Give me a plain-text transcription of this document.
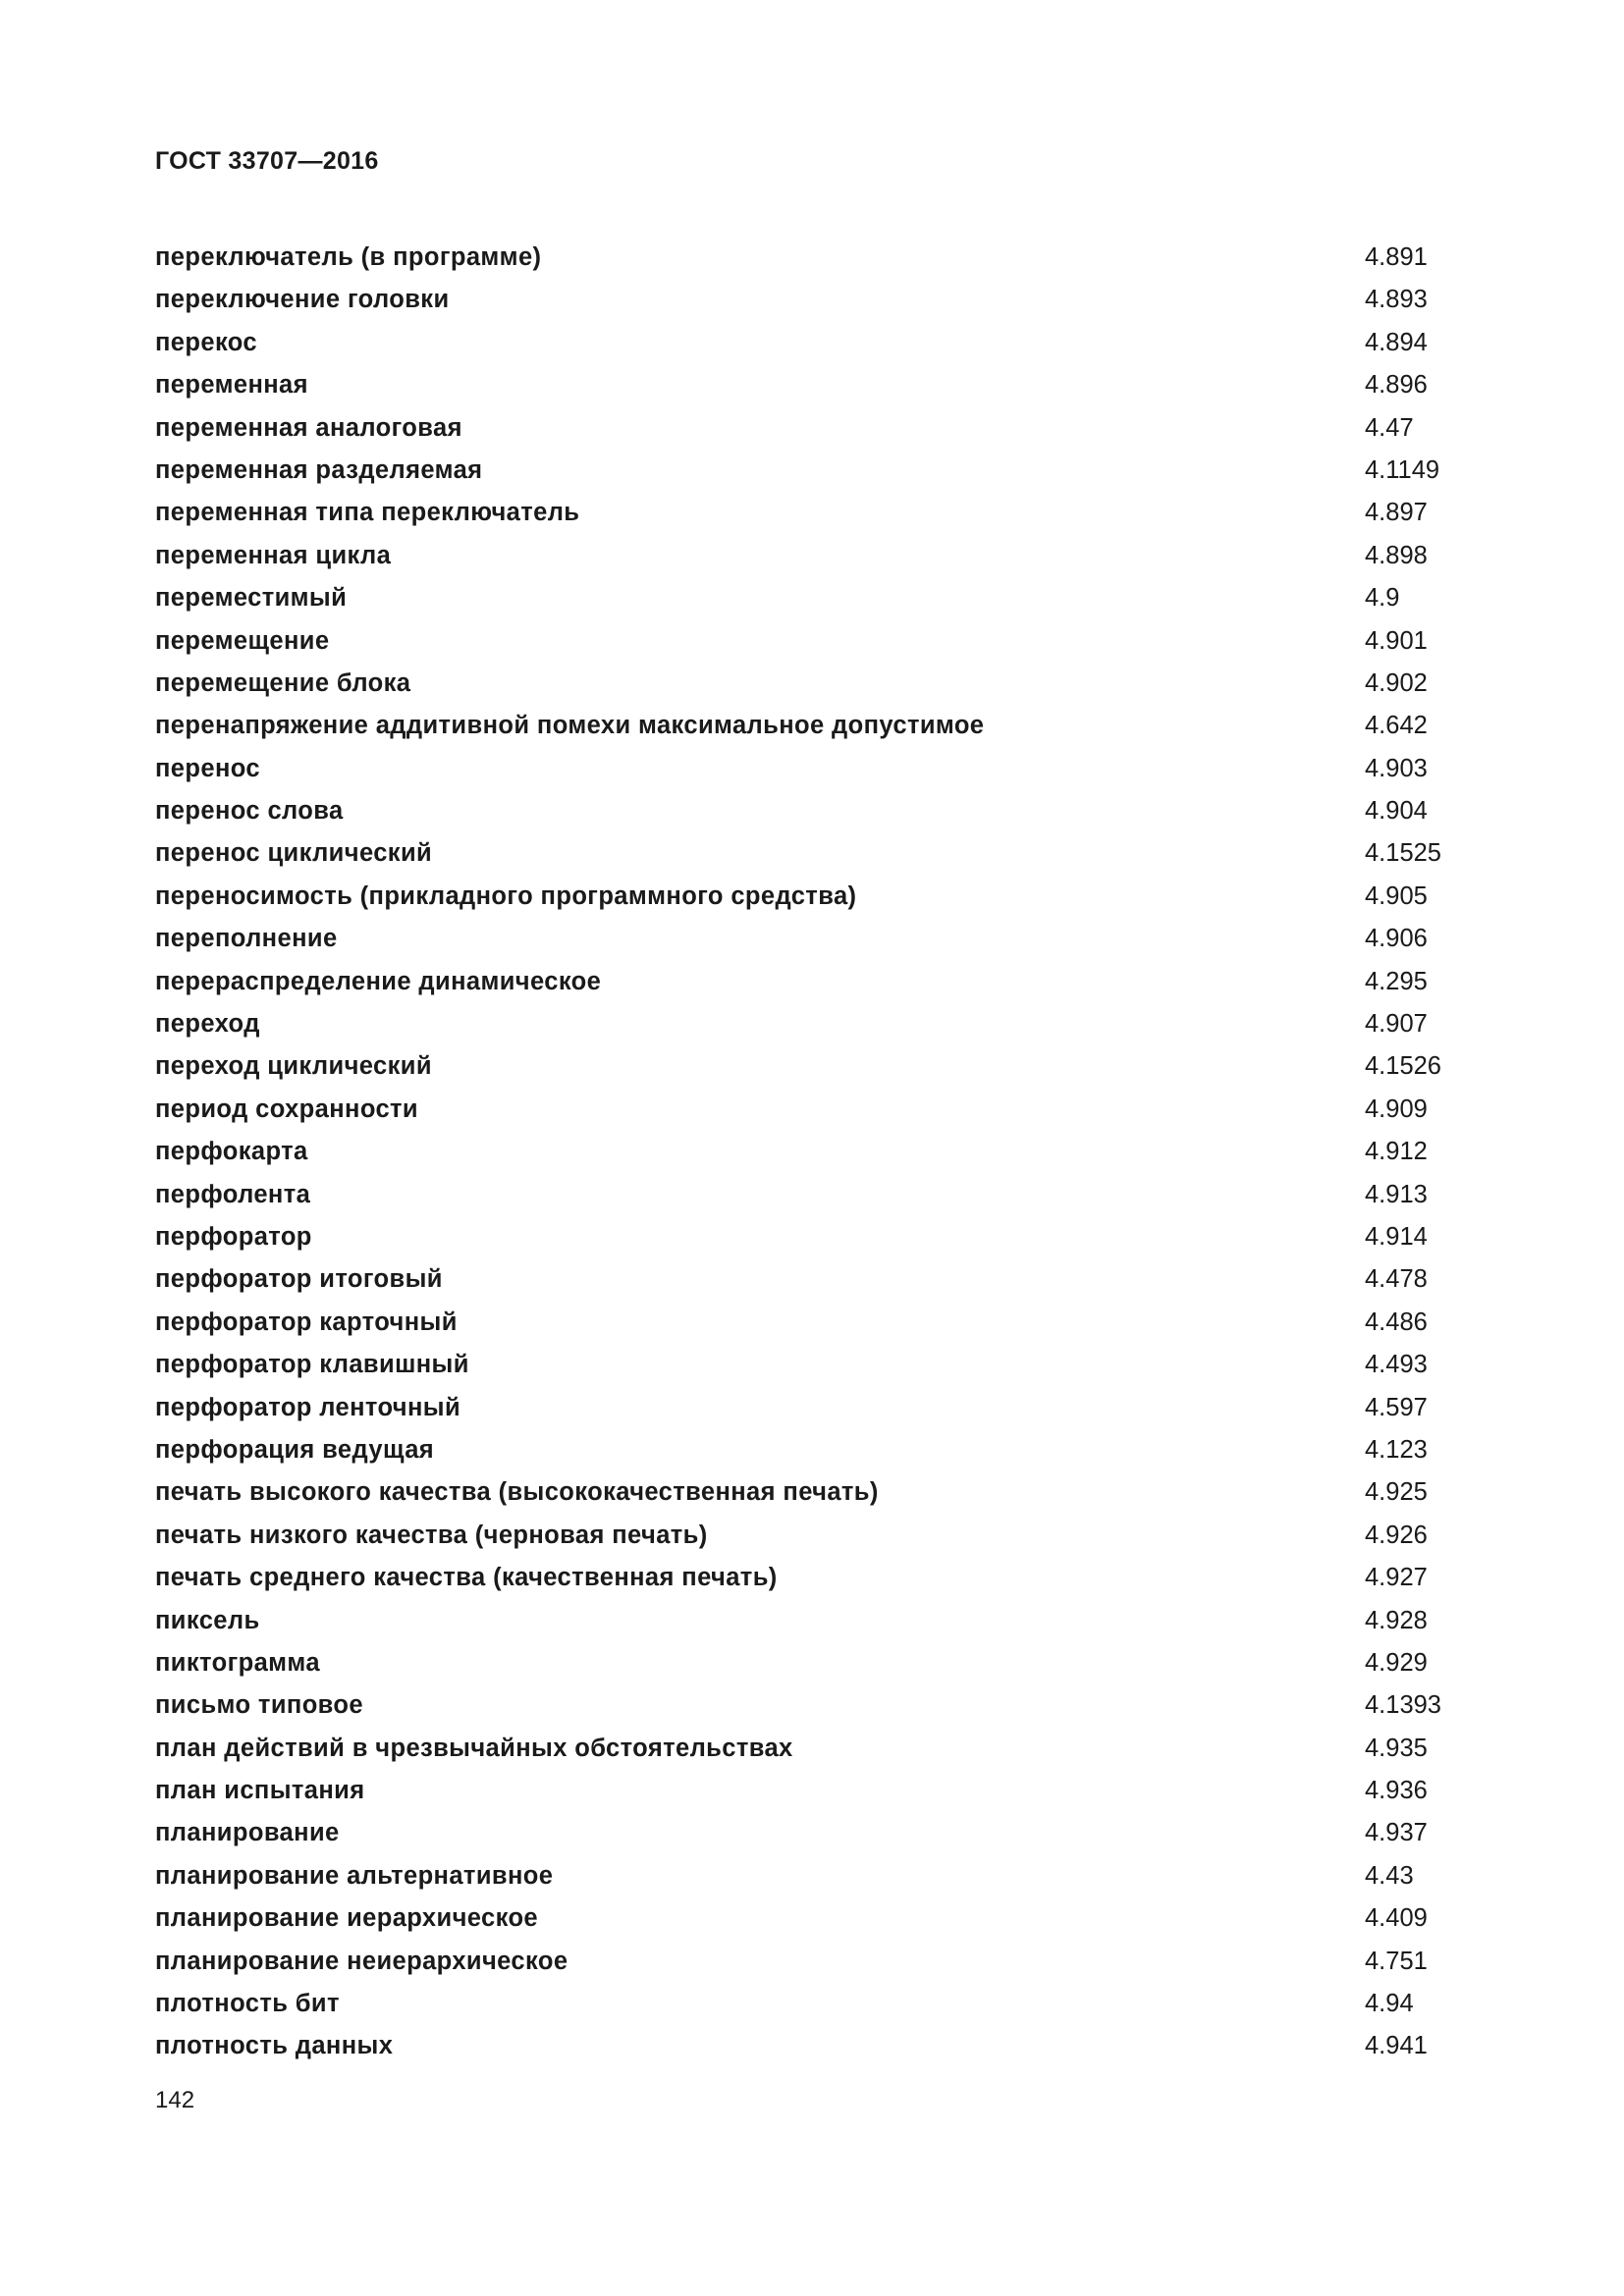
ГОСТ 33707—2016
переключатель (в программе)	4.891
переключение головки	4.893
перекос	4.894
переменная	4.896
переменная аналоговая	4.47
переменная разделяемая	4.1149
переменная типа переключатель	4.897
переменная цикла	4.898
переместимый	4.9
перемещение	4.901
перемещение блока	4.902
перенапряжение аддитивной помехи максимальное допустимое	4.642
перенос	4.903
перенос слова	4.904
перенос циклический	4.1525
переносимость (прикладного программного средства)	4.905
переполнение	4.906
перераспределение динамическое	4.295
переход	4.907
переход циклический	4.1526
период сохранности	4.909
перфокарта	4.912
перфолента	4.913
перфоратор	4.914
перфоратор итоговый	4.478
перфоратор карточный	4.486
перфоратор клавишный	4.493
перфоратор ленточный	4.597
перфорация ведущая	4.123
печать высокого качества (высококачественная печать)	4.925
печать низкого качества (черновая печать)	4.926
печать среднего качества (качественная печать)	4.927
пиксель	4.928
пиктограмма	4.929
письмо типовое	4.1393
план действий в чрезвычайных обстоятельствах	4.935
план испытания	4.936
планирование	4.937
планирование альтернативное	4.43
планирование иерархическое	4.409
планирование неиерархическое	4.751
плотность бит	4.94
плотность данных	4.941
142
